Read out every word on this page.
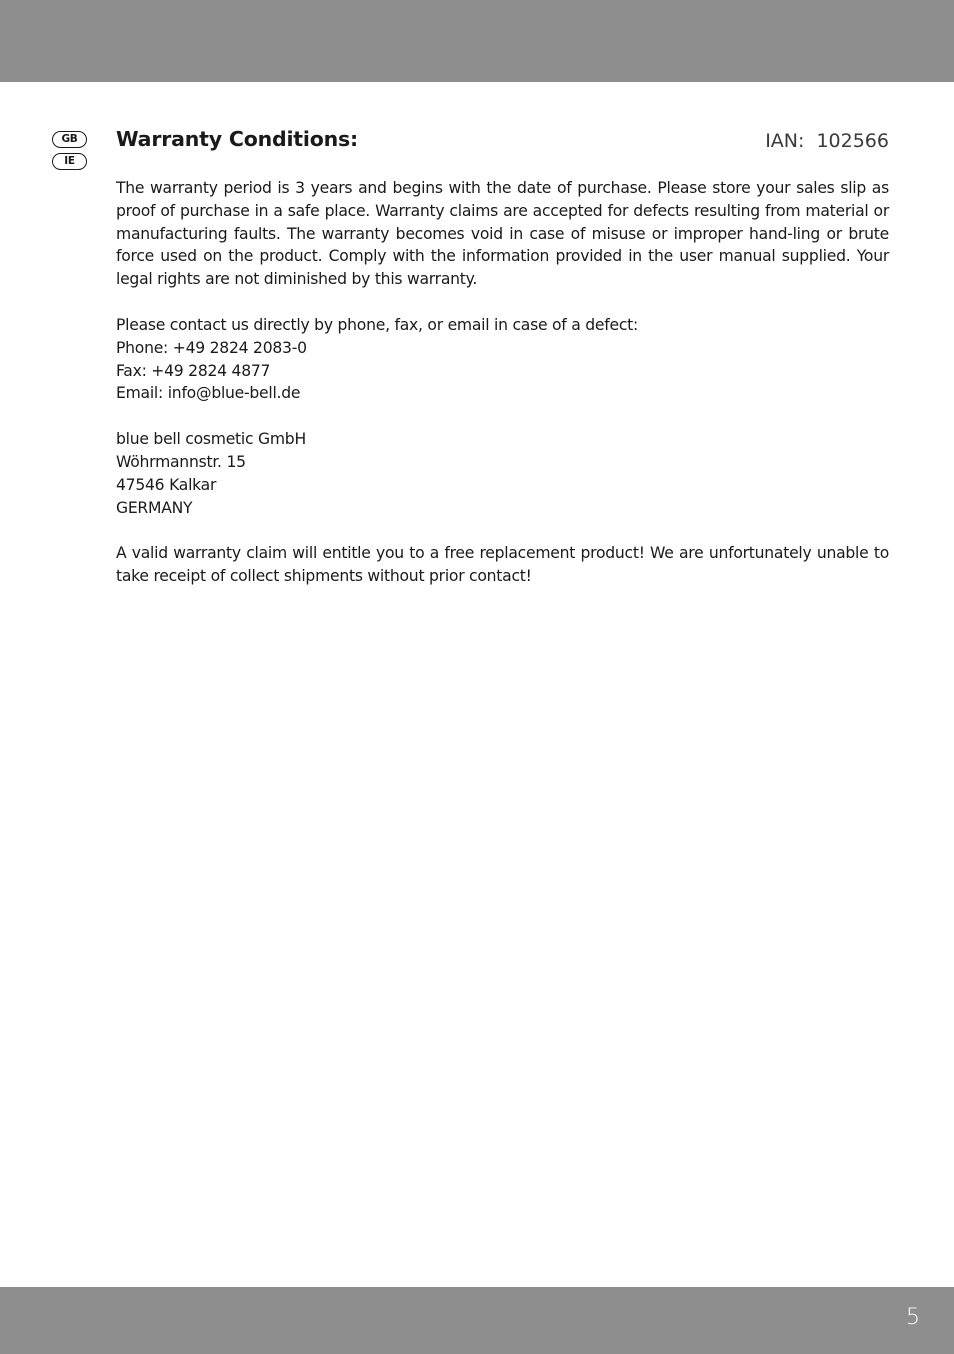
GB
IE
Warranty Conditions:	IAN: 102566

The warranty period is 3 years and begins with the date of purchase. Please store your sales slip as proof of purchase in a safe place. Warranty claims are accepted for defects resulting from material or manufacturing faults. The warranty becomes void in case of misuse or improper hand-ling or brute force used on the product. Comply with the information provided in the user manual supplied. Your legal rights are not diminished by this warranty.

Please contact us directly by phone, fax, or email in case of a defect:
Phone: +49 2824 2083-0
Fax: +49 2824 4877
Email: info@blue-bell.de
blue bell cosmetic GmbH
Wöhrmannstr. 15
47546 Kalkar
GERMANY

A valid warranty claim will entitle you to a free replacement product! We are unfortunately unable to take receipt of collect shipments without prior contact!

5
